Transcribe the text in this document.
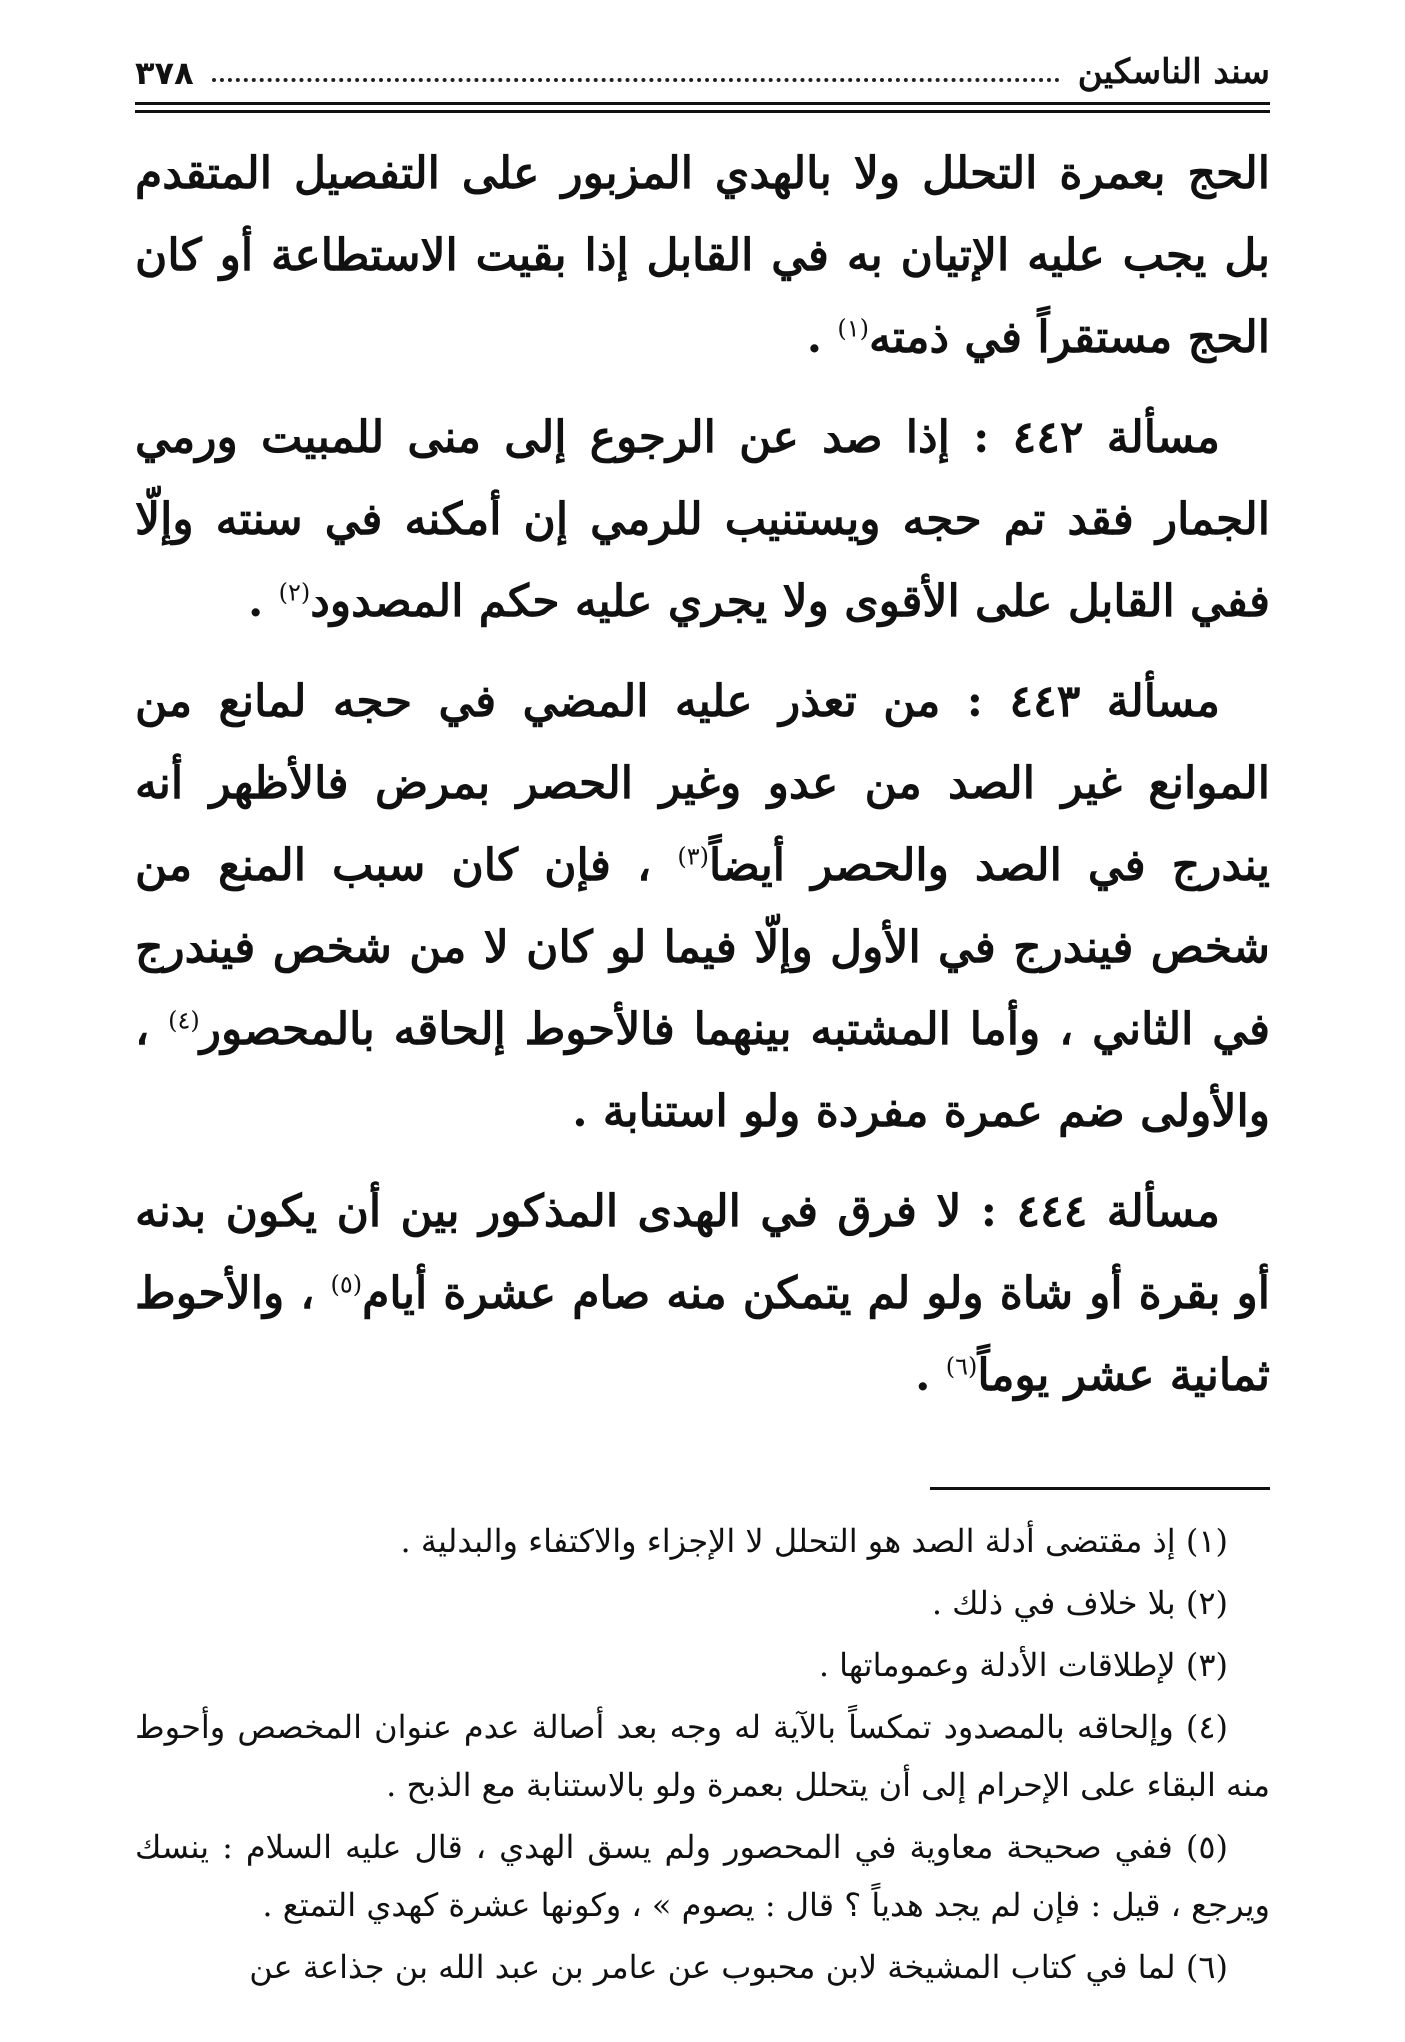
سند الناسكين
٣٧٨

الحج بعمرة التحلل ولا بالهدي المزبور على التفصيل المتقدم بل يجب عليه الإتيان به في القابل إذا بقيت الاستطاعة أو كان الحج مستقراً في ذمته$^{(١)}$ .

مسألة ٤٤٢ : إذا صد عن الرجوع إلى منى للمبيت ورمي الجمار فقد تم حجه ويستنيب للرمي إن أمكنه في سنته وإلّا ففي القابل على الأقوى ولا يجري عليه حكم المصدود$^{(٢)}$ .

مسألة ٤٤٣ : من تعذر عليه المضي في حجه لمانع من الموانع غير الصد من عدو وغير الحصر بمرض فالأظهر أنه يندرج في الصد والحصر أيضاً$^{(٣)}$ ، فإن كان سبب المنع من شخص فيندرج في الأول وإلّا فيما لو كان لا من شخص فيندرج في الثاني ، وأما المشتبه بينهما فالأحوط إلحاقه بالمحصور$^{(٤)}$ ، والأولى ضم عمرة مفردة ولو استنابة .

مسألة ٤٤٤ : لا فرق في الهدى المذكور بين أن يكون بدنه أو بقرة أو شاة ولو لم يتمكن منه صام عشرة أيام$^{(٥)}$ ، والأحوط ثمانية عشر يوماً$^{(٦)}$ .

(١) إذ مقتضى أدلة الصد هو التحلل لا الإجزاء والاكتفاء والبدلية .

(٢) بلا خلاف في ذلك .

(٣) لإطلاقات الأدلة وعموماتها .

(٤) وإلحاقه بالمصدود تمكساً بالآية له وجه بعد أصالة عدم عنوان المخصص وأحوط منه البقاء على الإحرام إلى أن يتحلل بعمرة ولو بالاستنابة مع الذبح .

(٥) ففي صحيحة معاوية في المحصور ولم يسق الهدي ، قال عليه السلام : ينسك ويرجع ، قيل : فإن لم يجد هدياً ؟ قال : يصوم » ، وكونها عشرة كهدي التمتع .

(٦) لما في كتاب المشيخة لابن محبوب عن عامر بن عبد الله بن جذاعة عن
